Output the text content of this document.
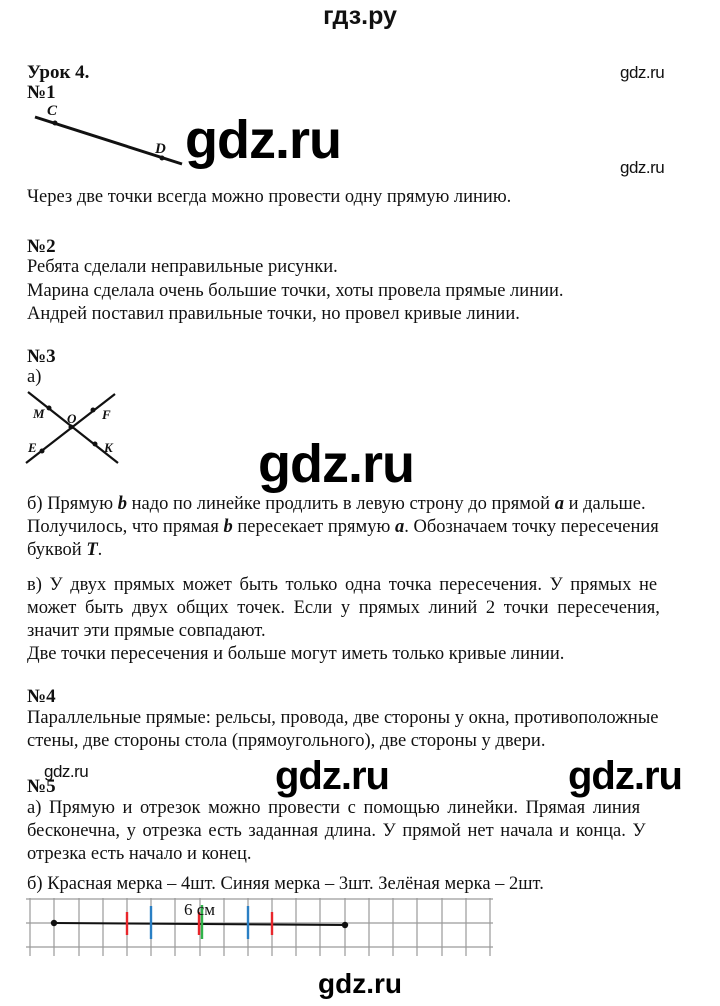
гдз.ру
gdz.ru
gdz.ru
gdz.ru
Урок 4.
№1
C
D gdz.ru
Через две точки всегда можно провести одну прямую линию.
№2
Ребята сделали неправильные рисунки.
Марина сделала очень большие точки, хоты провела прямые линии.
Андрей поставил правильные точки, но провел кривые линии.
№3
а)
M O F
E	K	gdz.ru
б) Прямую b надо по линейке продлить в левую строну до прямой a и дальше.
Получилось, что прямая b пересекает прямую a. Обозначаем точку пересечения
буквой T.
в) У двух прямых может быть только одна точка пересечения. У прямых не
может быть двух общих точек. Если у прямых линий 2 точки пересечения,
значит эти прямые совпадают.
Две точки пересечения и больше могут иметь только кривые линии.
№4
Параллельные прямые: рельсы, провода, две стороны у окна, противоположные
стены, две стороны стола (прямоугольного), две стороны у двери.
gdz.ru	gdz.ru
№5
а) Прямую и отрезок можно провести с помощью линейки. Прямая линия
бесконечна, у отрезка есть заданная длина. У прямой нет начала и конца. У
отрезка есть начало и конец.
б) Красная мерка – 4шт. Синяя мерка – 3шт. Зелёная мерка – 2шт.
6 см
gdz.ru
